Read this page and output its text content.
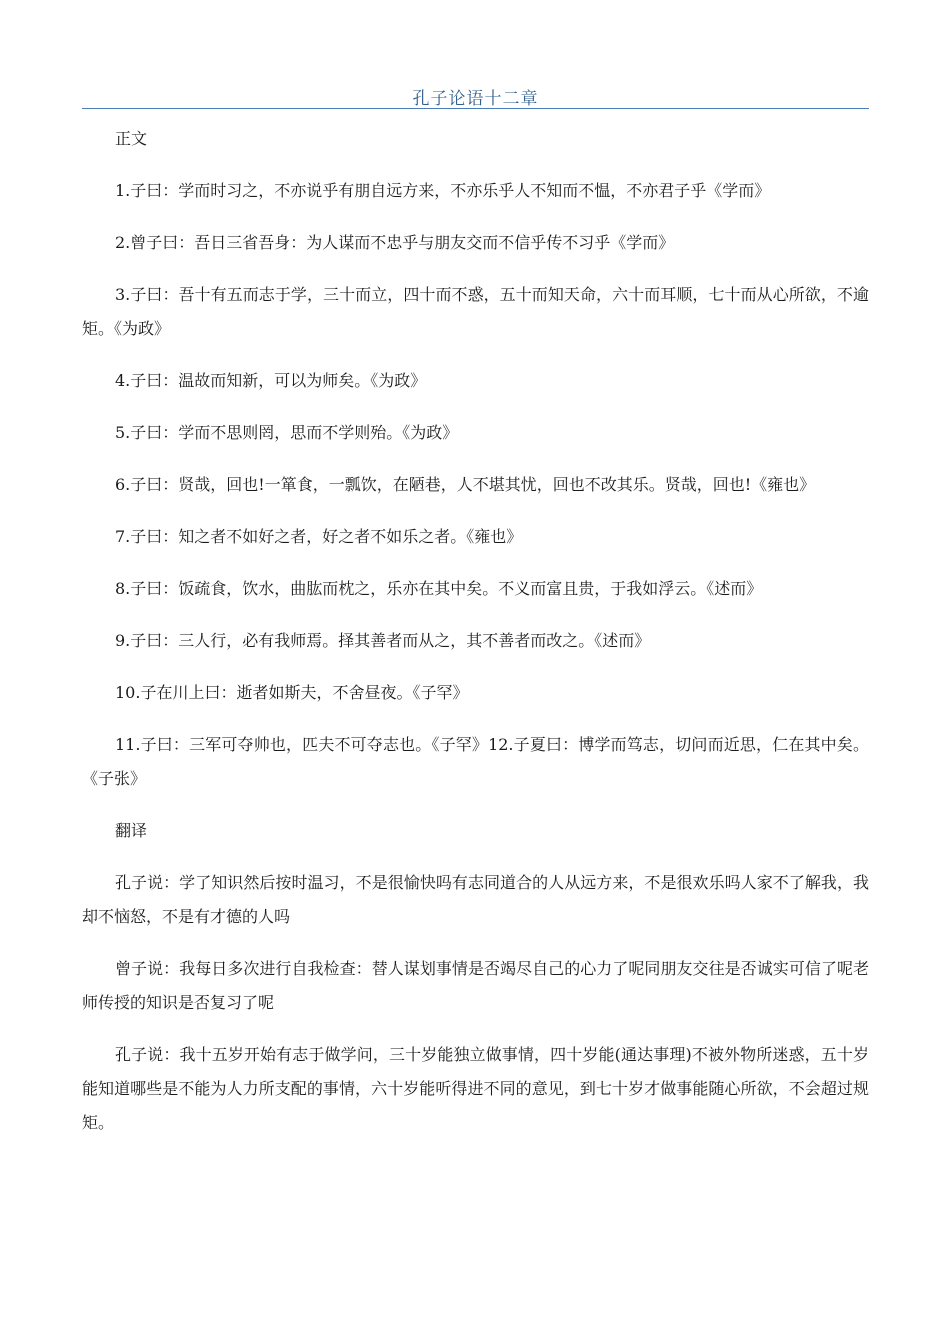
孔子论语十二章

正文

1.子曰：学而时习之，不亦说乎有朋自远方来，不亦乐乎人不知而不愠，不亦君子乎《学而》

2.曾子曰：吾日三省吾身：为人谋而不忠乎与朋友交而不信乎传不习乎《学而》

3.子曰：吾十有五而志于学，三十而立，四十而不惑，五十而知天命，六十而耳顺，七十而从心所欲，不逾矩。《为政》

4.子曰：温故而知新，可以为师矣。《为政》

5.子曰：学而不思则罔，思而不学则殆。《为政》

6.子曰：贤哉，回也!一箪食，一瓢饮，在陋巷，人不堪其忧，回也不改其乐。贤哉，回也!《雍也》

7.子曰：知之者不如好之者，好之者不如乐之者。《雍也》

8.子曰：饭疏食，饮水，曲肱而枕之，乐亦在其中矣。不义而富且贵，于我如浮云。《述而》

9.子曰：三人行，必有我师焉。择其善者而从之，其不善者而改之。《述而》

10.子在川上曰：逝者如斯夫，不舍昼夜。《子罕》

11.子曰：三军可夺帅也，匹夫不可夺志也。《子罕》12.子夏曰：博学而笃志，切问而近思，仁在其中矣。《子张》

翻译

孔子说：学了知识然后按时温习，不是很愉快吗有志同道合的人从远方来，不是很欢乐吗人家不了解我，我却不恼怒，不是有才德的人吗

曾子说：我每日多次进行自我检查：替人谋划事情是否竭尽自己的心力了呢同朋友交往是否诚实可信了呢老师传授的知识是否复习了呢

孔子说：我十五岁开始有志于做学问，三十岁能独立做事情，四十岁能(通达事理)不被外物所迷惑，五十岁能知道哪些是不能为人力所支配的事情，六十岁能听得进不同的意见，到七十岁才做事能随心所欲，不会超过规矩。
